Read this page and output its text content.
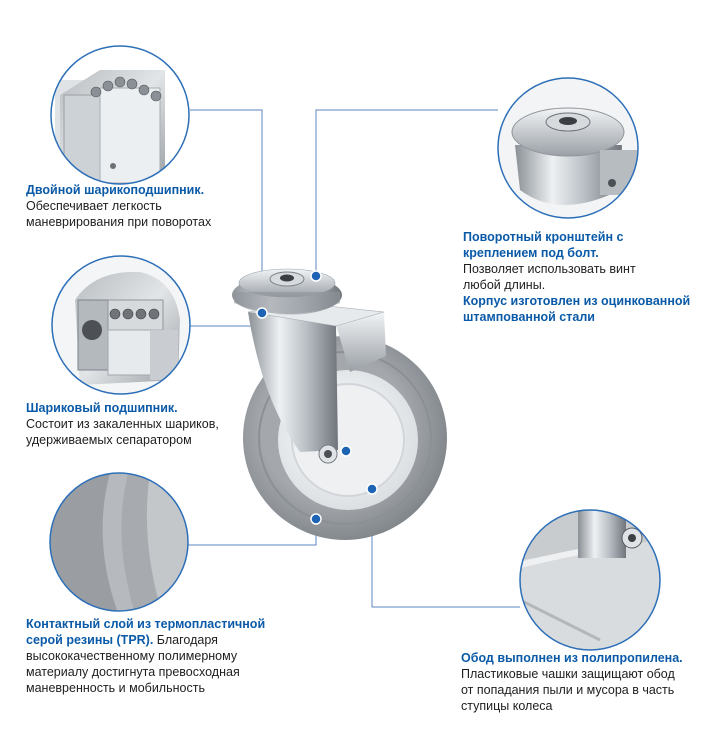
Двойной шарикоподшипник.
Обеспечивает легкость
маневрирования при поворотах
Шариковый подшипник.
Состоит из закаленных шариков,
удерживаемых сепаратором
Контактный слой из термопластичной
серой резины (TPR). Благодаря
высококачественному полимерному
материалу достигнута превосходная
маневренность и мобильность
Поворотный кронштейн с
креплением под болт.
Позволяет использовать винт
любой длины.
Корпус изготовлен из оцинкованной
штампованной стали
Обод выполнен из полипропилена.
Пластиковые чашки защищают обод
от попадания пыли и мусора в часть
ступицы колеса
